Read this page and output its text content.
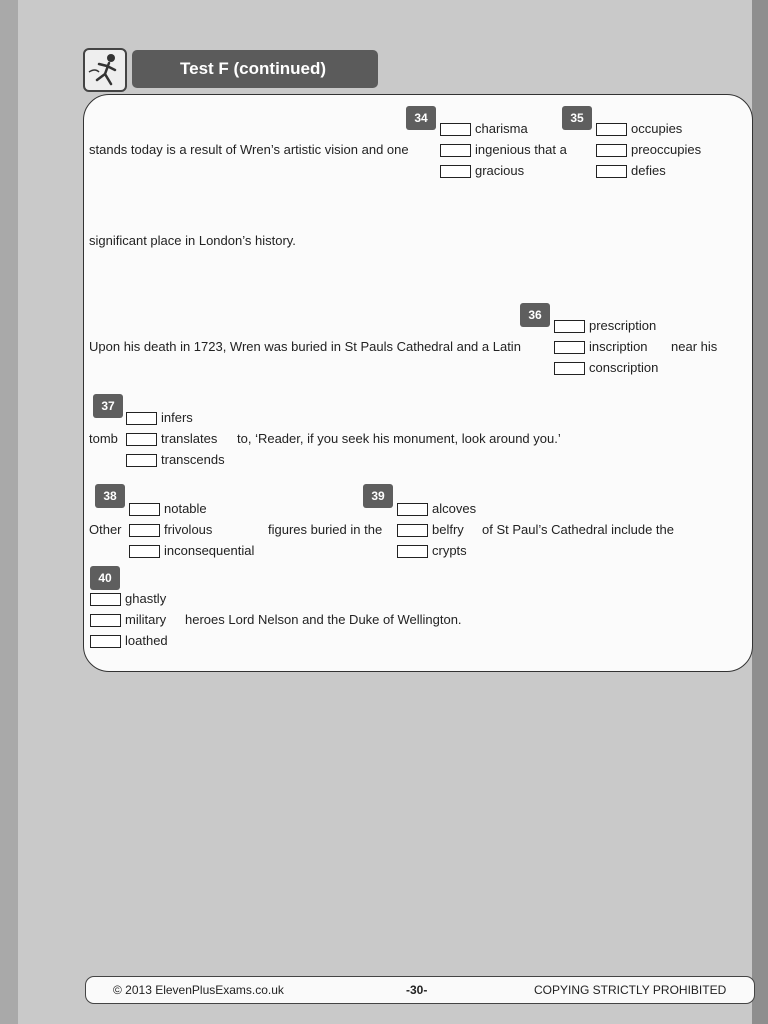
Test F (continued)
34
charisma
ingenious that a
gracious
35
occupies
preoccupies
defies
stands today is a result of Wren’s artistic vision and one
significant place in London’s history.
36
prescription
inscription
conscription
Upon his death in 1723, Wren was buried in St Pauls Cathedral and a Latin	near his
37
infers
translates
transcends
tomb	to, ‘Reader, if you seek his monument, look around you.’
38
notable
frivolous
inconsequential
Other	figures buried in the
39
alcoves
belfry
crypts
of St Paul’s Cathedral include the
40
ghastly
military
loathed
heroes Lord Nelson and the Duke of Wellington.
© 2013 ElevenPlusExams.co.uk	-30-	COPYING STRICTLY PROHIBITED
